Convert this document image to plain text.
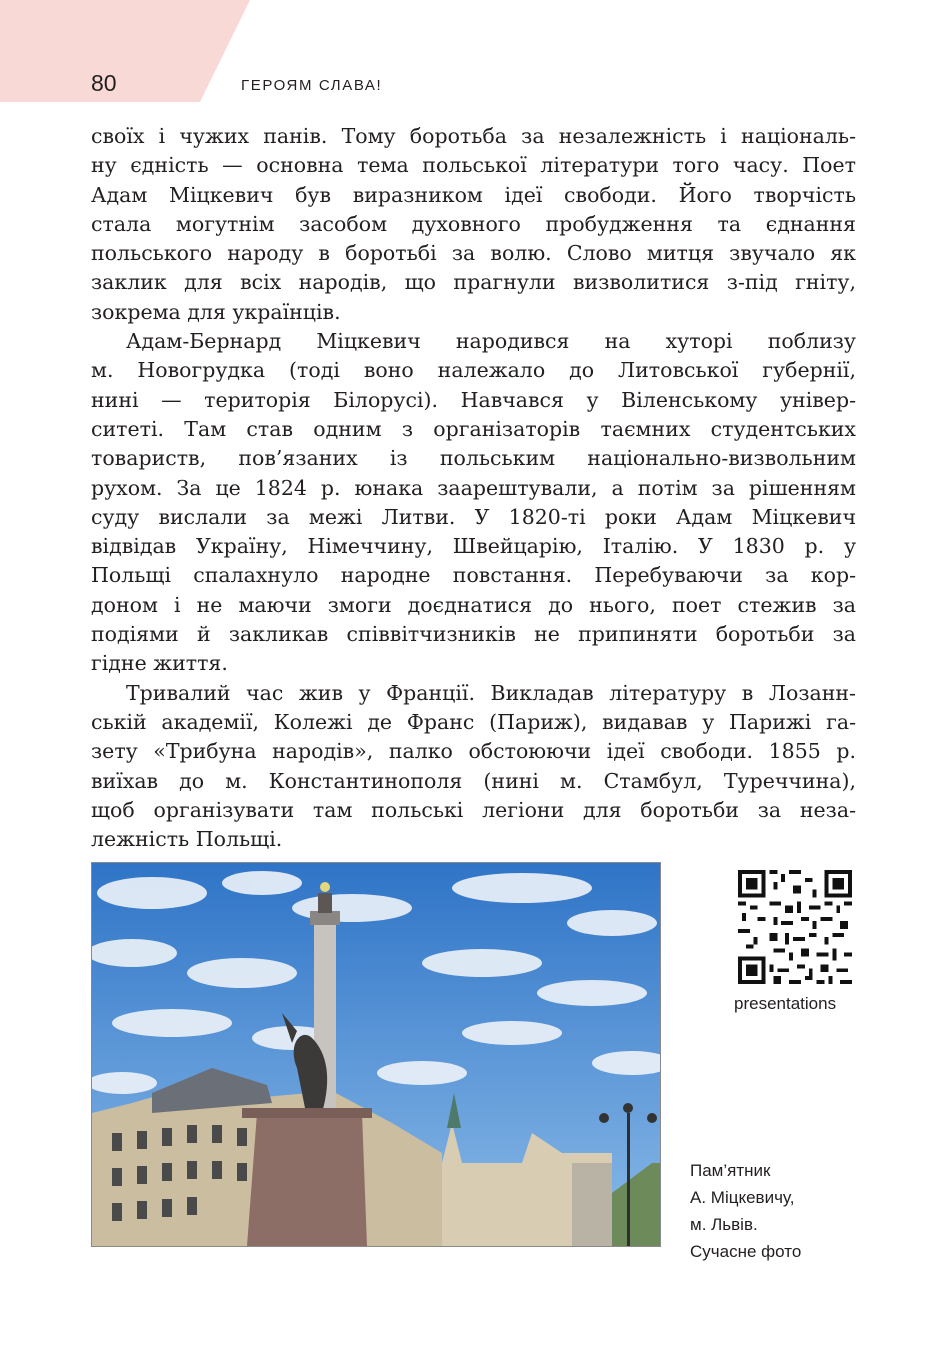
80	ГЕРОЯМ СЛАВА!

своїх і чужих панів. Тому боротьба за незалежність і національ-
ну єдність — основна тема польської літератури того часу. Поет
Адам Міцкевич був виразником ідеї свободи. Його творчість
стала могутнім засобом духовного пробудження та єднання
польського народу в боротьбі за волю. Слово митця звучало як
заклик для всіх народів, що прагнули визволитися з-під гніту,
зокрема для українців.

Адам-Бернард Міцкевич народився на хуторі поблизу
м. Новогрудка (тоді воно належало до Литовської губернії,
нині — територія Білорусі). Навчався у Віленському універ-
ситеті. Там став одним з організаторів таємних студентських
товариств, пов’язаних із польським національно-визвольним
рухом. За це 1824 р. юнака заарештували, а потім за рішенням
суду вислали за межі Литви. У 1820-ті роки Адам Міцкевич
відвідав Україну, Німеччину, Швейцарію, Італію. У 1830 р. у
Польщі спалахнуло народне повстання. Перебуваючи за кор-
доном і не маючи змоги доєднатися до нього, поет стежив за
подіями й закликав співвітчизників не припиняти боротьби за
гідне життя.

Тривалий час жив у Франції. Викладав літературу в Лозанн-
ській академії, Колежі де Франс (Париж), видавав у Парижі га-
зету «Трибуна народів», палко обстоюючи ідеї свободи. 1855 р.
виїхав до м. Константинополя (нині м. Стамбул, Туреччина),
щоб організувати там польські легіони для боротьби за неза-
лежність Польщі.

presentations
Пам’ятник
А. Міцкевичу,
м. Львів.
Сучасне фото
